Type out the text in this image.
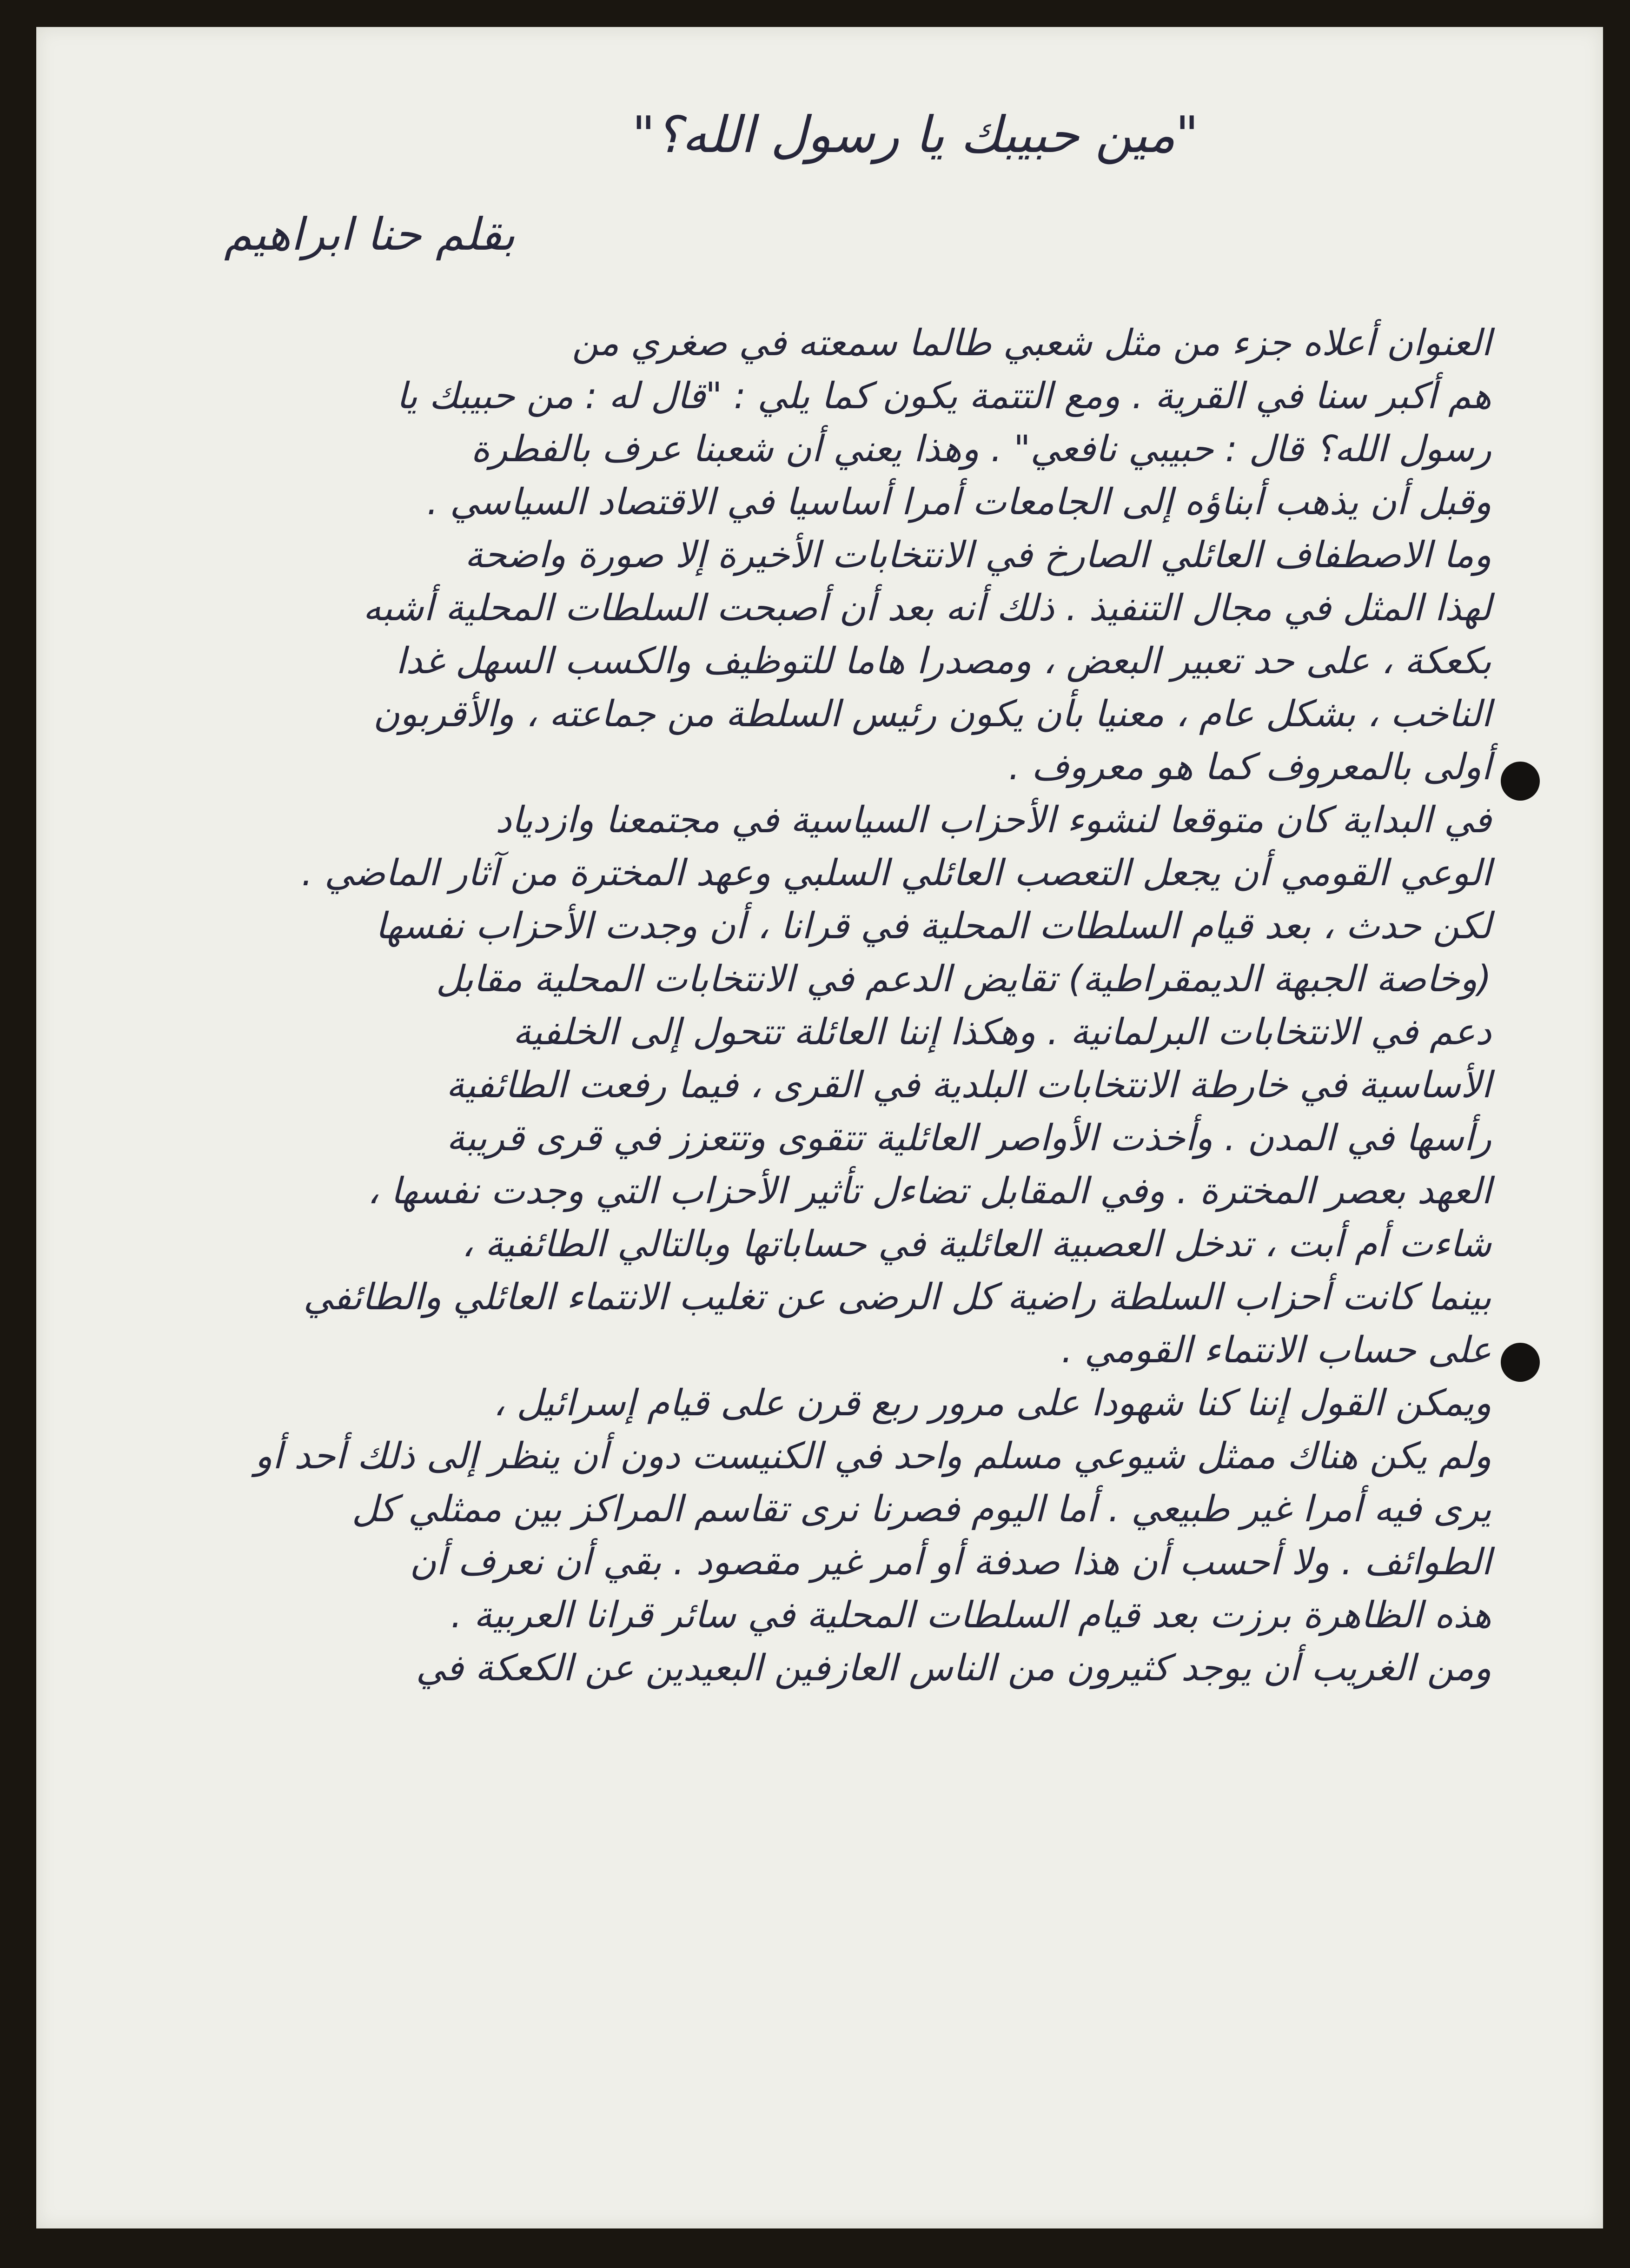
"مين حبيبك يا رسول الله؟"
بقلم حنا ابراهيم
العنوان أعلاه جزء من مثل شعبي طالما سمعته في صغري من
هم أكبر سنا في القرية . ومع التتمة يكون كما يلي : "قال له : من حبيبك يا
رسول الله؟ قال : حبيبي نافعي" . وهذا يعني أن شعبنا عرف بالفطرة
وقبل أن يذهب أبناؤه إلى الجامعات أمرا أساسيا في الاقتصاد السياسي .
وما الاصطفاف العائلي الصارخ في الانتخابات الأخيرة إلا صورة واضحة
لهذا المثل في مجال التنفيذ . ذلك أنه بعد أن أصبحت السلطات المحلية أشبه
بكعكة ، على حد تعبير البعض ، ومصدرا هاما للتوظيف والكسب السهل غدا
الناخب ، بشكل عام ، معنيا بأن يكون رئيس السلطة من جماعته ، والأقربون
أولى بالمعروف كما هو معروف .
في البداية كان متوقعا لنشوء الأحزاب السياسية في مجتمعنا وازدياد
الوعي القومي أن يجعل التعصب العائلي السلبي وعهد المخترة من آثار الماضي .
لكن حدث ، بعد قيام السلطات المحلية في قرانا ، أن وجدت الأحزاب نفسها
(وخاصة الجبهة الديمقراطية) تقايض الدعم في الانتخابات المحلية مقابل
دعم في الانتخابات البرلمانية . وهكذا إننا العائلة تتحول إلى الخلفية
الأساسية في خارطة الانتخابات البلدية في القرى ، فيما رفعت الطائفية
رأسها في المدن . وأخذت الأواصر العائلية تتقوى وتتعزز في قرى قريبة
العهد بعصر المخترة . وفي المقابل تضاءل تأثير الأحزاب التي وجدت نفسها ،
شاءت أم أبت ، تدخل العصبية العائلية في حساباتها وبالتالي الطائفية ،
بينما كانت أحزاب السلطة راضية كل الرضى عن تغليب الانتماء العائلي والطائفي
على حساب الانتماء القومي .
ويمكن القول إننا كنا شهودا على مرور ربع قرن على قيام إسرائيل ،
ولم يكن هناك ممثل شيوعي مسلم واحد في الكنيست دون أن ينظر إلى ذلك أحد أو
يرى فيه أمرا غير طبيعي . أما اليوم فصرنا نرى تقاسم المراكز بين ممثلي كل
الطوائف . ولا أحسب أن هذا صدفة أو أمر غير مقصود . بقي أن نعرف أن
هذه الظاهرة برزت بعد قيام السلطات المحلية في سائر قرانا العربية .
ومن الغريب أن يوجد كثيرون من الناس العازفين البعيدين عن الكعكة في
